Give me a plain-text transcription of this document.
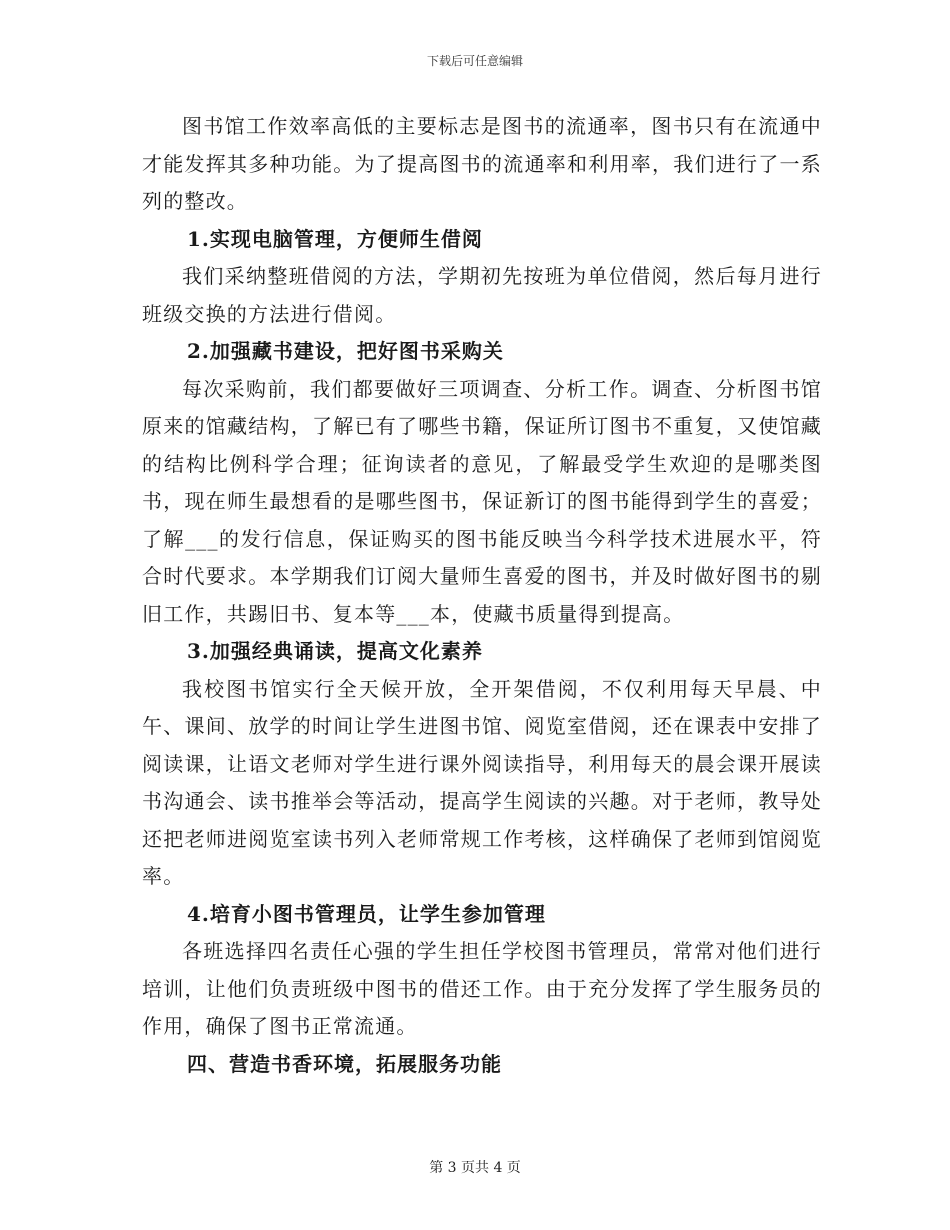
下载后可任意编辑

图书馆工作效率高低的主要标志是图书的流通率，图书只有在流通中才能发挥其多种功能。为了提高图书的流通率和利用率，我们进行了一系列的整改。

1.实现电脑管理，方便师生借阅

我们采纳整班借阅的方法，学期初先按班为单位借阅，然后每月进行班级交换的方法进行借阅。

2.加强藏书建设，把好图书采购关

每次采购前，我们都要做好三项调查、分析工作。调查、分析图书馆原来的馆藏结构，了解已有了哪些书籍，保证所订图书不重复，又使馆藏的结构比例科学合理；征询读者的意见，了解最受学生欢迎的是哪类图书，现在师生最想看的是哪些图书，保证新订的图书能得到学生的喜爱；了解___的发行信息，保证购买的图书能反映当今科学技术进展水平，符合时代要求。本学期我们订阅大量师生喜爱的图书，并及时做好图书的剔旧工作，共踢旧书、复本等___本，使藏书质量得到提高。

3.加强经典诵读，提高文化素养

我校图书馆实行全天候开放，全开架借阅，不仅利用每天早晨、中午、课间、放学的时间让学生进图书馆、阅览室借阅，还在课表中安排了阅读课，让语文老师对学生进行课外阅读指导，利用每天的晨会课开展读书沟通会、读书推举会等活动，提高学生阅读的兴趣。对于老师，教导处还把老师进阅览室读书列入老师常规工作考核，这样确保了老师到馆阅览率。

4.培育小图书管理员，让学生参加管理

各班选择四名责任心强的学生担任学校图书管理员，常常对他们进行培训，让他们负责班级中图书的借还工作。由于充分发挥了学生服务员的作用，确保了图书正常流通。

四、营造书香环境，拓展服务功能

第 3 页共 4 页
